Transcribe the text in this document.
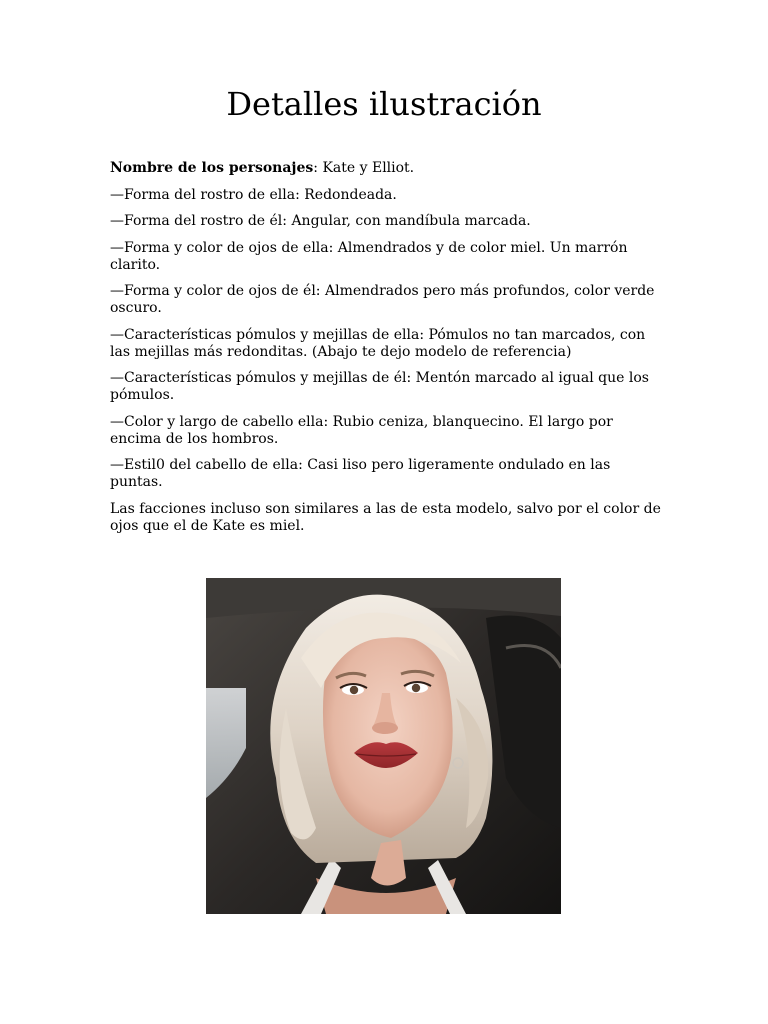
Detalles ilustración

Nombre de los personajes: Kate y Elliot.

—Forma del rostro de ella: Redondeada.

—Forma del rostro de él: Angular, con mandíbula marcada.

—Forma y color de ojos de ella: Almendrados y de color miel. Un marrón clarito.

—Forma y color de ojos de él: Almendrados pero más profundos, color verde oscuro.

—Características pómulos y mejillas de ella: Pómulos no tan marcados, con las mejillas más redonditas. (Abajo te dejo modelo de referencia)

—Características pómulos y mejillas de él: Mentón marcado al igual que los pómulos.

—Color y largo de cabello ella: Rubio ceniza, blanquecino. El largo por encima de los hombros.

—Estil0 del cabello de ella: Casi liso pero ligeramente ondulado en las puntas.

Las facciones incluso son similares a las de esta modelo, salvo por el color de ojos que el de Kate es miel.
